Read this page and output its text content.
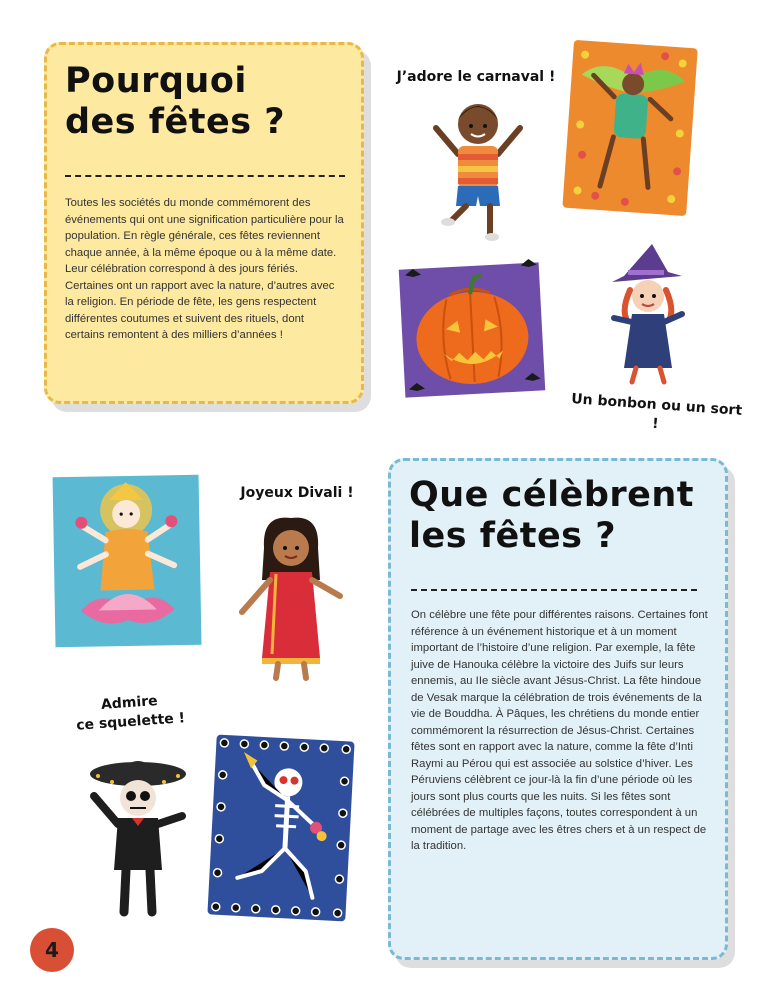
Pourquoi
des fêtes ?
Toutes les sociétés du monde commémorent des événements qui ont une signification particulière pour la population. En règle générale, ces fêtes reviennent chaque année, à la même époque ou à la même date. Leur célébration correspond à des jours fériés. Certaines ont un rapport avec la nature, d’autres avec la religion. En période de fête, les gens respectent différentes coutumes et suivent des rituels, dont certains remontent à des milliers d’années !
J’adore le carnaval !
Un bonbon ou un sort !
Joyeux Divali ! Que célèbrent
les fêtes ?
On célèbre une fête pour différentes raisons. Certaines font référence à un événement historique et à un moment important de l’histoire d’une religion. Par exemple, la fête juive de Hanouka célèbre la victoire des Juifs sur leurs ennemis, au IIe siècle avant Jésus-Christ. La fête hindoue de Vesak marque la célébration de trois événements de la vie de Bouddha. À Pâques, les chrétiens du monde entier commémorent la résurrection de Jésus-Christ. Certaines fêtes sont en rapport avec la nature, comme la fête d’Inti Raymi au Pérou qui est associée au solstice d’hiver. Les Péruviens célèbrent ce jour-là la fin d’une période où les jours sont plus courts que les nuits. Si les fêtes sont célébrées de multiples façons, toutes correspondent à un moment de partage avec les êtres chers et à un respect de la tradition.
Admire
ce squelette !
4
